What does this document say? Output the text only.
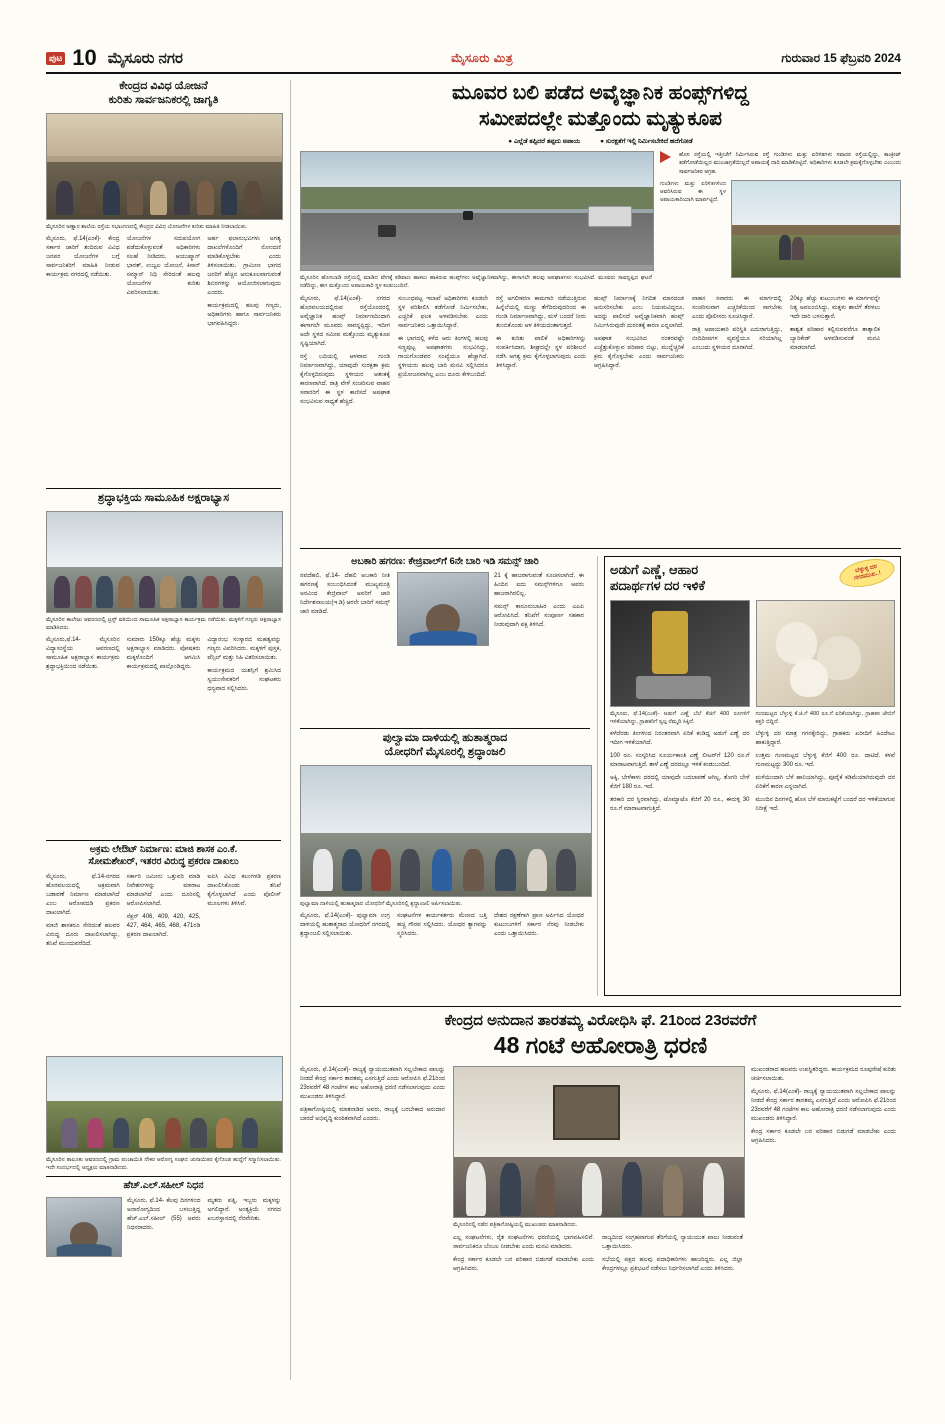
ಪುಟ 10 ಮೈಸೂರು ನಗರ	ಮೈಸೂರು ಮಿತ್ರ	ಗುರುವಾರ 15 ಫೆಬ್ರವರಿ 2024
ಕೇಂದ್ರದ ವಿವಿಧ ಯೋಜನೆ
ಕುರಿತು ಸಾರ್ವಜನಿಕರಲ್ಲಿ ಜಾಗೃತಿ
ಮೈಸೂರಿನ ಅಣ್ಣಾನ ಶಾಲೆಯ ರಸ್ತೆಯ ಸಭಾಂಗಣದಲ್ಲಿ ಕೇಂದ್ರದ ವಿವಿಧ ಯೋಜನೆಗಳ ಕುರಿತು ಮಾಹಿತಿ ನೀಡಲಾಯಿತು.

ಮೈಸೂರು, ಫೆ.14(ಎಂಕೆ)- ಕೇಂದ್ರ ಸರ್ಕಾರ ಜಾರಿಗೆ ತಂದಿರುವ ವಿವಿಧ ಜನಪರ ಯೋಜನೆಗಳ ಬಗ್ಗೆ ಸಾರ್ವಜನಿಕರಿಗೆ ಮಾಹಿತಿ ನೀಡುವ ಕಾರ್ಯಕ್ರಮ ನಗರದಲ್ಲಿ ನಡೆಯಿತು.

ಯೋಜನೆಗಳ ಸದುಪಯೋಗ ಪಡೆದುಕೊಳ್ಳುವಂತೆ ಅಧಿಕಾರಿಗಳು ಸಲಹೆ ನೀಡಿದರು. ಆಯುಷ್ಮಾನ್ ಭಾರತ್, ಉಜ್ವಲ ಯೋಜನೆ, ಕಿಸಾನ್ ಸಮ್ಮಾನ್ ನಿಧಿ ಸೇರಿದಂತೆ ಹಲವು ಯೋಜನೆಗಳ ಕುರಿತು ವಿವರಿಸಲಾಯಿತು.

ಅರ್ಹ ಫಲಾನುಭವಿಗಳು ಅಗತ್ಯ ದಾಖಲೆಗಳೊಂದಿಗೆ ನೋಂದಣಿ ಮಾಡಿಕೊಳ್ಳಬೇಕು ಎಂದು ತಿಳಿಸಲಾಯಿತು. ಗ್ರಾಮೀಣ ಭಾಗದ ಜನರಿಗೆ ಹೆಚ್ಚಿನ ಅನುಕೂಲವಾಗುವಂತೆ ಶಿಬಿರಗಳನ್ನು ಆಯೋಜಿಸಲಾಗುವುದು ಎಂದರು.

ಕಾರ್ಯಕ್ರಮದಲ್ಲಿ ಹಲವು ಗಣ್ಯರು, ಅಧಿಕಾರಿಗಳು ಹಾಗೂ ಸಾರ್ವಜನಿಕರು ಭಾಗವಹಿಸಿದ್ದರು.

ಶ್ರದ್ಧಾಭಕ್ತಿಯ ಸಾಮೂಹಿಕ ಅಕ್ಷರಾಭ್ಯಾಸ
ಮೈಸೂರಿನ ಕಾಲೇಜು ಆವರಣದಲ್ಲಿ ಟ್ರಸ್ಟ್ ವತಿಯಿಂದ ಸಾಮೂಹಿಕ ಅಕ್ಷರಾಭ್ಯಾಸ ಕಾರ್ಯಕ್ರಮ ನಡೆಯಿತು. ಮಕ್ಕಳಿಗೆ ಗಣ್ಯರು ಅಕ್ಷರಾಭ್ಯಾಸ ಮಾಡಿಸಿದರು.

ಮೈಸೂರು,ಫೆ.14- ಮೈಸೂರಿನ ವಿದ್ಯಾಸಂಸ್ಥೆಯ ಆವರಣದಲ್ಲಿ ಸಾಮೂಹಿಕ ಅಕ್ಷರಾಭ್ಯಾಸ ಕಾರ್ಯಕ್ರಮ ಶ್ರದ್ಧಾಭಕ್ತಿಯಿಂದ ನಡೆಯಿತು.

ಸುಮಾರು 150ಕ್ಕೂ ಹೆಚ್ಚು ಮಕ್ಕಳು ಅಕ್ಷರಾಭ್ಯಾಸ ಮಾಡಿದರು. ಪೋಷಕರು ಮಕ್ಕಳೊಂದಿಗೆ ಆಗಮಿಸಿ ಕಾರ್ಯಕ್ರಮದಲ್ಲಿ ಪಾಲ್ಗೊಂಡಿದ್ದರು.

ವಿದ್ಯಾರಂಭ ಸಂಸ್ಕಾರದ ಮಹತ್ವವನ್ನು ಗಣ್ಯರು ವಿವರಿಸಿದರು. ಮಕ್ಕಳಿಗೆ ಪುಸ್ತಕ, ಪೆನ್ಸಿಲ್ ಮತ್ತು ಸಿಹಿ ವಿತರಿಸಲಾಯಿತು.

ಕಾರ್ಯಕ್ರಮದ ಯಶಸ್ಸಿಗೆ ಶ್ರಮಿಸಿದ ಸ್ವಯಂಸೇವಕರಿಗೆ ಸಂಘಟಕರು ಧನ್ಯವಾದ ಸಲ್ಲಿಸಿದರು.

ಅಕ್ರಮ ಲೇಔಟ್ ನಿರ್ಮಾಣ: ಮಾಜಿ ಶಾಸಕ ಎಂ.ಕೆ.
ಸೋಮಶೇಖರ್, ಇತರರ ವಿರುದ್ಧ ಪ್ರಕರಣ ದಾಖಲು

ಮೈಸೂರು, ಫೆ.14-ನಗರದ ಹೊರವಲಯದಲ್ಲಿ ಅಕ್ರಮವಾಗಿ ಬಡಾವಣೆ ನಿರ್ಮಾಣ ಮಾಡಲಾಗಿದೆ ಎಂಬ ಆರೋಪದಡಿ ಪ್ರಕರಣ ದಾಖಲಾಗಿದೆ.

ಮಾಜಿ ಶಾಸಕರೂ ಸೇರಿದಂತೆ ಹಲವರ ವಿರುದ್ಧ ದೂರು ದಾಖಲಿಸಲಾಗಿದ್ದು, ತನಿಖೆ ಮುಂದುವರೆದಿದೆ.

ಸರ್ಕಾರಿ ಜಮೀನು ಒತ್ತುವರಿ ಮಾಡಿ ನಿವೇಶನಗಳನ್ನು ಮಾರಾಟ ಮಾಡಲಾಗಿದೆ ಎಂದು ದೂರಿನಲ್ಲಿ ಆರೋಪಿಸಲಾಗಿದೆ.

ಸೆಕ್ಷನ್ 406, 409, 420, 425, 427, 464, 465, 468, 471ರಡಿ ಪ್ರಕರಣ ದಾಖಲಾಗಿದೆ.

ಐಪಿಸಿ ವಿವಿಧ ಕಲಂಗಳಡಿ ಪ್ರಕರಣ ದಾಖಲಿಸಿಕೊಂಡು ತನಿಖೆ ಕೈಗೊಳ್ಳಲಾಗಿದೆ ಎಂದು ಪೊಲೀಸ್ ಮೂಲಗಳು ತಿಳಿಸಿವೆ.

ಮೈಸೂರಿನ ತಾಲೂಕು ಆವರಣದಲ್ಲಿ ಗ್ರಾಮ ಪಂಚಾಯಿತಿ ನೌಕರ ಆರೋಗ್ಯ ಸಂಘದ ಚುನಾಯಿತರ ಕೈಗೊಂಡ ಹುದ್ದೆಗೆ ಸನ್ಮಾನಿಸಲಾಯಿತು. ಇದೇ ಸಂದರ್ಭದಲ್ಲಿ ಅಧ್ಯಕ್ಷರು ಮಾತನಾಡಿದರು.
ಹೆಚ್.ಎಲ್.ಸಹೀಲ್ ನಿಧನ

ಮೈಸೂರು, ಫೆ.14- ಕೆಲವು ದಿನಗಳಿಂದ ಅನಾರೋಗ್ಯದಿಂದ ಬಳಲುತ್ತಿದ್ದ ಹೆಚ್.ಎಲ್.ಸಹೀಲ್ (55) ಅವರು ನಿಧನರಾದರು.

ಮೃತರು ಪತ್ನಿ, ಇಬ್ಬರು ಮಕ್ಕಳನ್ನು ಅಗಲಿದ್ದಾರೆ. ಅಂತ್ಯಕ್ರಿಯೆ ನಗರದ ಖಬರಸ್ತಾನದಲ್ಲಿ ನೆರವೇರಿತು.

ಮೂವರ ಬಲಿ ಪಡೆದ ಅವೈಜ್ಞಾನಿಕ ಹಂಪ್ಸ್‌ಗಳಿದ್ದ
ಸಮೀಪದಲ್ಲೇ ಮತ್ತೊಂದು ಮೃತ್ಯುಕೂಪ
● ಎಲ್ಲೆಡೆ ತಪ್ಪಿದರೆ ತಪ್ಪದು ಅಪಾಯ	● ಸುರಕ್ಷತೆಗೆ ಇಲ್ಲಿ ನಿರ್ಮಿಸಬೇಕಿದೆ ಹದೆಗೋಡೆ
ಮೈಸೂರಿನ ಹೊಸಬಾಡಿ ರಸ್ತೆಯಲ್ಲಿ ಮಾಡಿದ ವೇಗಕ್ಕೆ ಕಡಿವಾಣ ಹಾಕಲು ಹಾಕಿರುವ ಹಂಪ್ಸ್‌ಗಳು ಅವೈಜ್ಞಾನಿಕವಾಗಿದ್ದು, ಈಗಾಗಲೇ ಹಲವು ಅಪಘಾತಗಳು ಸಂಭವಿಸಿವೆ. ಮೂವರು ಸಾವನ್ನಪ್ಪಿದ ಘಟನೆ ನಡೆದಿದ್ದು, ಈಗ ಮತ್ತೊಂದು ಅಪಾಯಕಾರಿ ಸ್ಥಳ ಕಂಡುಬಂದಿದೆ.
ಹೊಸ ರಸ್ತೆಯಲ್ಲಿ ಇತ್ತೀಚೆಗೆ ನಿರ್ಮಿಸಿರುವ ರಸ್ತೆ ಗುಂಡಿಗಳು ಮತ್ತು ಏರಿಳಿತಗಳು ಸವಾರರ ರಸ್ತೆಯಲ್ಲಿದ್ದು, ಕಾಂಕ್ರೀಟ್ ತಡೆಗೋಡೆಯಿಲ್ಲದ ಮುಂಜಾಗ್ರತೆಯಿಲ್ಲದೆ ಅಪಾಯಕ್ಕೆ ದಾರಿ ಮಾಡಿಕೊಟ್ಟಿದೆ. ಅಧಿಕಾರಿಗಳು ಕೂಡಲೇ ಕ್ರಮಕೈಗೊಳ್ಳಬೇಕು ಎಂಬುದು ಸಾರ್ವಜನಿಕರ ಆಗ್ರಹ.
ಗುಂಡಿಗಳು ಮತ್ತು ಏರಿಳಿತಗಳಿಂದ ಆವರಿಸಿರುವ ಈ ಸ್ಥಳ ಅಪಾಯಕಾರಿಯಾಗಿ ಮಾರ್ಪಟ್ಟಿದೆ.

ಮೈಸೂರು, ಫೆ.14(ಎಂಕೆ)- ನಗರದ ಹೊರವಲಯದಲ್ಲಿರುವ ರಸ್ತೆಯೊಂದರಲ್ಲಿ ಅವೈಜ್ಞಾನಿಕ ಹಂಪ್ಸ್ ನಿರ್ಮಾಣದಿಂದಾಗಿ ಈಗಾಗಲೇ ಮೂವರು ಸಾವನ್ನಪ್ಪಿದ್ದು, ಇದೀಗ ಅದೇ ಸ್ಥಳದ ಸಮೀಪ ಮತ್ತೊಂದು ಮೃತ್ಯುಕೂಪ ಸೃಷ್ಟಿಯಾಗಿದೆ.

ರಸ್ತೆ ಬದಿಯಲ್ಲಿ ಆಳವಾದ ಗುಂಡಿ ನಿರ್ಮಾಣವಾಗಿದ್ದು, ಯಾವುದೇ ಸುರಕ್ಷತಾ ಕ್ರಮ ಕೈಗೊಳ್ಳದಿರುವುದು ಸ್ಥಳೀಯರ ಆತಂಕಕ್ಕೆ ಕಾರಣವಾಗಿದೆ. ರಾತ್ರಿ ವೇಳೆ ಸಂಚರಿಸುವ ವಾಹನ ಸವಾರರಿಗೆ ಈ ಸ್ಥಳ ಕಾಣಿಸದೆ ಅಪಘಾತ ಸಂಭವಿಸುವ ಸಾಧ್ಯತೆ ಹೆಚ್ಚಿದೆ.

ಸಂಬಂಧಪಟ್ಟ ಇಲಾಖೆ ಅಧಿಕಾರಿಗಳು ಕೂಡಲೇ ಸ್ಥಳ ಪರಿಶೀಲಿಸಿ ತಡೆಗೋಡೆ ನಿರ್ಮಿಸಬೇಕು, ಎಚ್ಚರಿಕೆ ಫಲಕ ಅಳವಡಿಸಬೇಕು ಎಂದು ಸಾರ್ವಜನಿಕರು ಒತ್ತಾಯಿಸಿದ್ದಾರೆ.

ಈ ಭಾಗದಲ್ಲಿ ಕಳೆದ ಆರು ತಿಂಗಳಲ್ಲಿ ಹಲವು ಸಣ್ಣಪುಟ್ಟ ಅಪಘಾತಗಳು ಸಂಭವಿಸಿದ್ದು, ಗಾಯಗೊಂಡವರ ಸಂಖ್ಯೆಯೂ ಹೆಚ್ಚಾಗಿದೆ. ಸ್ಥಳೀಯರು ಹಲವು ಬಾರಿ ಮನವಿ ಸಲ್ಲಿಸಿದರೂ ಪ್ರಯೋಜನವಾಗಿಲ್ಲ ಎಂಬ ದೂರು ಕೇಳಿಬಂದಿದೆ.

ರಸ್ತೆ ಅಗಲೀಕರಣ ಕಾಮಗಾರಿ ನಡೆಯುತ್ತಿರುವ ಹಿನ್ನೆಲೆಯಲ್ಲಿ ಮಣ್ಣು ತೆಗೆದಿರುವುದರಿಂದ ಈ ಗುಂಡಿ ನಿರ್ಮಾಣವಾಗಿದ್ದು, ಮಳೆ ಬಂದರೆ ನೀರು ತುಂಬಿಕೊಂಡು ಆಳ ತಿಳಿಯದಂತಾಗುತ್ತದೆ.

ಈ ಕುರಿತು ಪಾಲಿಕೆ ಅಧಿಕಾರಿಗಳನ್ನು ಸಂಪರ್ಕಿಸಿದಾಗ, ಶೀಘ್ರದಲ್ಲೇ ಸ್ಥಳ ಪರಿಶೀಲನೆ ನಡೆಸಿ ಅಗತ್ಯ ಕ್ರಮ ಕೈಗೊಳ್ಳಲಾಗುವುದು ಎಂದು ತಿಳಿಸಿದ್ದಾರೆ.

ಹಂಪ್ಸ್ ನಿರ್ಮಾಣಕ್ಕೆ ನಿಗದಿತ ಮಾನದಂಡ ಅನುಸರಿಸಬೇಕು ಎಂಬ ನಿಯಮವಿದ್ದರೂ, ಅದನ್ನು ಪಾಲಿಸದೆ ಅವೈಜ್ಞಾನಿಕವಾಗಿ ಹಂಪ್ಸ್ ನಿರ್ಮಿಸಿರುವುದೇ ದುರಂತಕ್ಕೆ ಕಾರಣ ಎನ್ನಲಾಗಿದೆ.

ಅಪಘಾತ ಸಂಭವಿಸಿದ ನಂತರವಷ್ಟೇ ಎಚ್ಚೆತ್ತುಕೊಳ್ಳುವ ಪರಿಪಾಠ ಬಿಟ್ಟು, ಮುನ್ನೆಚ್ಚರಿಕೆ ಕ್ರಮ ಕೈಗೊಳ್ಳಬೇಕು ಎಂದು ಸಾರ್ವಜನಿಕರು ಆಗ್ರಹಿಸಿದ್ದಾರೆ.

ವಾಹನ ಸವಾರರು ಈ ಮಾರ್ಗದಲ್ಲಿ ಸಂಚರಿಸುವಾಗ ಎಚ್ಚರಿಕೆಯಿಂದ ಸಾಗಬೇಕು ಎಂದು ಪೊಲೀಸರು ಸೂಚಿಸಿದ್ದಾರೆ.

ರಾತ್ರಿ ಅಪಾಯಕಾರಿ ಪರಿಸ್ಥಿತಿ ಎದುರಾಗುತ್ತಿದ್ದು, ಬೀದಿದೀಪಗಳ ವ್ಯವಸ್ಥೆಯೂ ಸರಿಯಾಗಿಲ್ಲ ಎಂಬುದು ಸ್ಥಳೀಯರ ದೂರಾಗಿದೆ.

20ಕ್ಕೂ ಹೆಚ್ಚು ಕುಟುಂಬಗಳು ಈ ಮಾರ್ಗವನ್ನೇ ನಿತ್ಯ ಅವಲಂಬಿಸಿದ್ದು, ಮಕ್ಕಳು ಶಾಲೆಗೆ ತೆರಳಲು ಇದೇ ದಾರಿ ಬಳಸುತ್ತಾರೆ.

ಶಾಶ್ವತ ಪರಿಹಾರ ಕಲ್ಪಿಸುವವರೆಗೂ ತಾತ್ಕಾಲಿಕ ಬ್ಯಾರಿಕೇಡ್ ಅಳವಡಿಸುವಂತೆ ಮನವಿ ಮಾಡಲಾಗಿದೆ.

ಅಬಕಾರಿ ಹಗರಣ: ಕೇಜ್ರಿವಾಲ್‌ಗೆ 6ನೇ ಬಾರಿ ಇಡಿ ಸಮನ್ಸ್ ಜಾರಿ

ನವದೆಹಲಿ, ಫೆ.14- ದೆಹಲಿ ಅಬಕಾರಿ ನೀತಿ ಹಗರಣಕ್ಕೆ ಸಂಬಂಧಿಸಿದಂತೆ ಮುಖ್ಯಮಂತ್ರಿ ಅರವಿಂದ ಕೇಜ್ರಿವಾಲ್ ಅವರಿಗೆ ಜಾರಿ ನಿರ್ದೇಶನಾಲಯ(ಇ.ಡಿ) ಆರನೇ ಬಾರಿಗೆ ಸಮನ್ಸ್ ಜಾರಿ ಮಾಡಿದೆ.

21 ಕ್ಕೆ ಹಾಜರಾಗುವಂತೆ ಸೂಚಿಸಲಾಗಿದೆ. ಈ ಹಿಂದಿನ ಐದು ಸಮನ್ಸ್‌ಗಳಿಗೂ ಅವರು ಹಾಜರಾಗಿರಲಿಲ್ಲ.

ಸಮನ್ಸ್ ಕಾನೂನುಬಾಹಿರ ಎಂದು ಎಎಪಿ ಆರೋಪಿಸಿದೆ. ತನಿಖೆಗೆ ಸಂಪೂರ್ಣ ಸಹಕಾರ ನೀಡುವುದಾಗಿ ಪಕ್ಷ ತಿಳಿಸಿದೆ.

ಪುಲ್ವಾಮಾ ದಾಳಿಯಲ್ಲಿ ಹುತಾತ್ಮರಾದ
ಯೋಧರಿಗೆ ಮೈಸೂರಲ್ಲಿ ಶ್ರದ್ಧಾಂಜಲಿ
ಪುಲ್ವಾಮಾ ದಾಳಿಯಲ್ಲಿ ಹುತಾತ್ಮರಾದ ಯೋಧರಿಗೆ ಮೈಸೂರಿನಲ್ಲಿ ಶ್ರದ್ಧಾಂಜಲಿ ಅರ್ಪಿಸಲಾಯಿತು.

ಮೈಸೂರು, ಫೆ.14(ಎಂಕೆ)- ಪುಲ್ವಾಮಾ ಉಗ್ರ ದಾಳಿಯಲ್ಲಿ ಹುತಾತ್ಮರಾದ ಯೋಧರಿಗೆ ನಗರದಲ್ಲಿ ಶ್ರದ್ಧಾಂಜಲಿ ಸಲ್ಲಿಸಲಾಯಿತು.

ಸಂಘಟನೆಗಳ ಕಾರ್ಯಕರ್ತರು ಮೇಣದ ಬತ್ತಿ ಹಚ್ಚಿ ಗೌರವ ಸಲ್ಲಿಸಿದರು. ಯೋಧರ ತ್ಯಾಗವನ್ನು ಸ್ಮರಿಸಿದರು.

ದೇಶದ ರಕ್ಷಣೆಗಾಗಿ ಪ್ರಾಣ ಅರ್ಪಿಸಿದ ಯೋಧರ ಕುಟುಂಬಗಳಿಗೆ ಸರ್ಕಾರ ನೆರವು ನೀಡಬೇಕು ಎಂದು ಒತ್ತಾಯಿಸಿದರು.

ಅಡುಗೆ ಎಣ್ಣೆ, ಆಹಾರ
ಪದಾರ್ಥಗಳ ದರ ಇಳಿಕೆ
ಬೆಳ್ಳುಳ್ಳಿ ದರ ಗಗನಮುಖ..!
ಮೈಸೂರು, ಫೆ.14(ಎಂಕೆ)- ಅಡುಗೆ ಎಣ್ಣೆ ಬೆಲೆ ಕೆಜಿಗೆ 400 ರೂಗಳಿಗೆ ಇಳಿಕೆಯಾಗಿದ್ದು, ಗ್ರಾಹಕರಿಗೆ ಸ್ವಲ್ಪ ನೆಮ್ಮದಿ ಸಿಕ್ಕಿದೆ.
ಗುಣಮಟ್ಟದ ಬೆಳ್ಳುಳ್ಳಿ ಕೆ.ಜಿ.ಗೆ 400 ರೂ.ಗೆ ಏರಿಕೆಯಾಗಿದ್ದು, ಗ್ರಾಹಕರ ಜೇಬಿಗೆ ಕತ್ತರಿ ಬಿದ್ದಿದೆ.

ಕಳೆದೆರಡು ತಿಂಗಳಿಂದ ನಿರಂತರವಾಗಿ ಏರಿಕೆ ಕಂಡಿದ್ದ ಅಡುಗೆ ಎಣ್ಣೆ ದರ ಇದೀಗ ಇಳಿಕೆಯಾಗಿದೆ.

100 ರೂ. ಸಂಸ್ಕರಿಸಿದ ಸೂರ್ಯಕಾಂತಿ ಎಣ್ಣೆ ಲೀಟರ್‌ಗೆ 120 ರೂ.ಗೆ ಮಾರಾಟವಾಗುತ್ತಿದೆ. ತಾಳೆ ಎಣ್ಣೆ ದರದಲ್ಲೂ ಇಳಿಕೆ ಕಂಡುಬಂದಿದೆ.

ಅಕ್ಕಿ, ಬೇಳೆಕಾಳು ದರದಲ್ಲಿ ಯಾವುದೇ ಬದಲಾವಣೆ ಆಗಿಲ್ಲ. ತೊಗರಿ ಬೇಳೆ ಕೆಜಿಗೆ 180 ರೂ. ಇದೆ.

ತರಕಾರಿ ದರ ಸ್ಥಿರವಾಗಿದ್ದು, ಟೊಮ್ಯಾಟೊ ಕೆಜಿಗೆ 20 ರೂ., ಈರುಳ್ಳಿ 30 ರೂ.ಗೆ ಮಾರಾಟವಾಗುತ್ತಿದೆ.

ಬೆಳ್ಳುಳ್ಳಿ ದರ ಮಾತ್ರ ಗಗನಕ್ಕೇರಿದ್ದು, ಗ್ರಾಹಕರು ಖರೀದಿಗೆ ಹಿಂದೇಟು ಹಾಕುತ್ತಿದ್ದಾರೆ.

ಉತ್ತಮ ಗುಣಮಟ್ಟದ ಬೆಳ್ಳುಳ್ಳಿ ಕೆಜಿಗೆ 400 ರೂ. ದಾಟಿದೆ. ಕಳಪೆ ಗುಣಮಟ್ಟದ್ದು 300 ರೂ. ಇದೆ.

ಮಳೆಯಿಂದಾಗಿ ಬೆಳೆ ಹಾನಿಯಾಗಿದ್ದು, ಪೂರೈಕೆ ಕಡಿಮೆಯಾಗಿರುವುದೇ ದರ ಏರಿಕೆಗೆ ಕಾರಣ ಎನ್ನಲಾಗಿದೆ.

ಮುಂದಿನ ದಿನಗಳಲ್ಲಿ ಹೊಸ ಬೆಳೆ ಮಾರುಕಟ್ಟೆಗೆ ಬಂದರೆ ದರ ಇಳಿಕೆಯಾಗುವ ನಿರೀಕ್ಷೆ ಇದೆ.

ಕೇಂದ್ರದ ಅನುದಾನ ತಾರತಮ್ಯ ವಿರೋಧಿಸಿ ಫೆ. 21ರಿಂದ 23ರವರೆಗೆ
48 ಗಂಟೆ ಅಹೋರಾತ್ರಿ ಧರಣಿ

ಮೈಸೂರು, ಫೆ.14(ಎಂಕೆ)- ರಾಜ್ಯಕ್ಕೆ ನ್ಯಾಯಯುತವಾಗಿ ಸಲ್ಲಬೇಕಾದ ಪಾಲನ್ನು ನೀಡದೆ ಕೇಂದ್ರ ಸರ್ಕಾರ ತಾರತಮ್ಯ ಎಸಗುತ್ತಿದೆ ಎಂದು ಆರೋಪಿಸಿ ಫೆ.21ರಿಂದ 23ರವರೆಗೆ 48 ಗಂಟೆಗಳ ಕಾಲ ಅಹೋರಾತ್ರಿ ಧರಣಿ ನಡೆಸಲಾಗುವುದು ಎಂದು ಮುಖಂಡರು ತಿಳಿಸಿದ್ದಾರೆ.

ಪತ್ರಿಕಾಗೋಷ್ಠಿಯಲ್ಲಿ ಮಾತನಾಡಿದ ಅವರು, ರಾಜ್ಯಕ್ಕೆ ಬರಬೇಕಾದ ಅನುದಾನ ಬಾರದೆ ಅಭಿವೃದ್ಧಿ ಕುಂಠಿತವಾಗಿದೆ ಎಂದರು.

ಮೈಸೂರಿನಲ್ಲಿ ನಡೆದ ಪತ್ರಿಕಾಗೋಷ್ಠಿಯಲ್ಲಿ ಮುಖಂಡರು ಮಾತನಾಡಿದರು.

ಎಲ್ಲ ಸಂಘಟನೆಗಳು, ರೈತ ಸಂಘಟನೆಗಳು ಧರಣಿಯಲ್ಲಿ ಭಾಗವಹಿಸಲಿವೆ. ಸಾರ್ವಜನಿಕರೂ ಬೆಂಬಲ ನೀಡಬೇಕು ಎಂದು ಮನವಿ ಮಾಡಿದರು.

ಕೇಂದ್ರ ಸರ್ಕಾರ ಕೂಡಲೇ ಬರ ಪರಿಹಾರ ಬಿಡುಗಡೆ ಮಾಡಬೇಕು ಎಂದು ಆಗ್ರಹಿಸಿದರು.

ರಾಜ್ಯದಿಂದ ಸಂಗ್ರಹವಾಗುವ ತೆರಿಗೆಯಲ್ಲಿ ನ್ಯಾಯಯುತ ಪಾಲು ನೀಡುವಂತೆ ಒತ್ತಾಯಿಸಿದರು.

ಸಭೆಯಲ್ಲಿ ಪಕ್ಷದ ಹಲವು ಪದಾಧಿಕಾರಿಗಳು ಹಾಜರಿದ್ದರು. ಎಲ್ಲ ಜಿಲ್ಲಾ ಕೇಂದ್ರಗಳಲ್ಲೂ ಪ್ರತಿಭಟನೆ ನಡೆಸಲು ನಿರ್ಧರಿಸಲಾಗಿದೆ ಎಂದು ತಿಳಿಸಿದರು.

ಮುಖಂಡರಾದ ಹಲವರು ಉಪಸ್ಥಿತರಿದ್ದರು. ಕಾರ್ಯಕ್ರಮದ ರೂಪುರೇಷೆ ಕುರಿತು ಚರ್ಚಿಸಲಾಯಿತು.

ಮೈಸೂರು, ಫೆ.14(ಎಂಕೆ)- ರಾಜ್ಯಕ್ಕೆ ನ್ಯಾಯಯುತವಾಗಿ ಸಲ್ಲಬೇಕಾದ ಪಾಲನ್ನು ನೀಡದೆ ಕೇಂದ್ರ ಸರ್ಕಾರ ತಾರತಮ್ಯ ಎಸಗುತ್ತಿದೆ ಎಂದು ಆರೋಪಿಸಿ ಫೆ.21ರಿಂದ 23ರವರೆಗೆ 48 ಗಂಟೆಗಳ ಕಾಲ ಅಹೋರಾತ್ರಿ ಧರಣಿ ನಡೆಸಲಾಗುವುದು ಎಂದು ಮುಖಂಡರು ತಿಳಿಸಿದ್ದಾರೆ.

ಕೇಂದ್ರ ಸರ್ಕಾರ ಕೂಡಲೇ ಬರ ಪರಿಹಾರ ಬಿಡುಗಡೆ ಮಾಡಬೇಕು ಎಂದು ಆಗ್ರಹಿಸಿದರು.
